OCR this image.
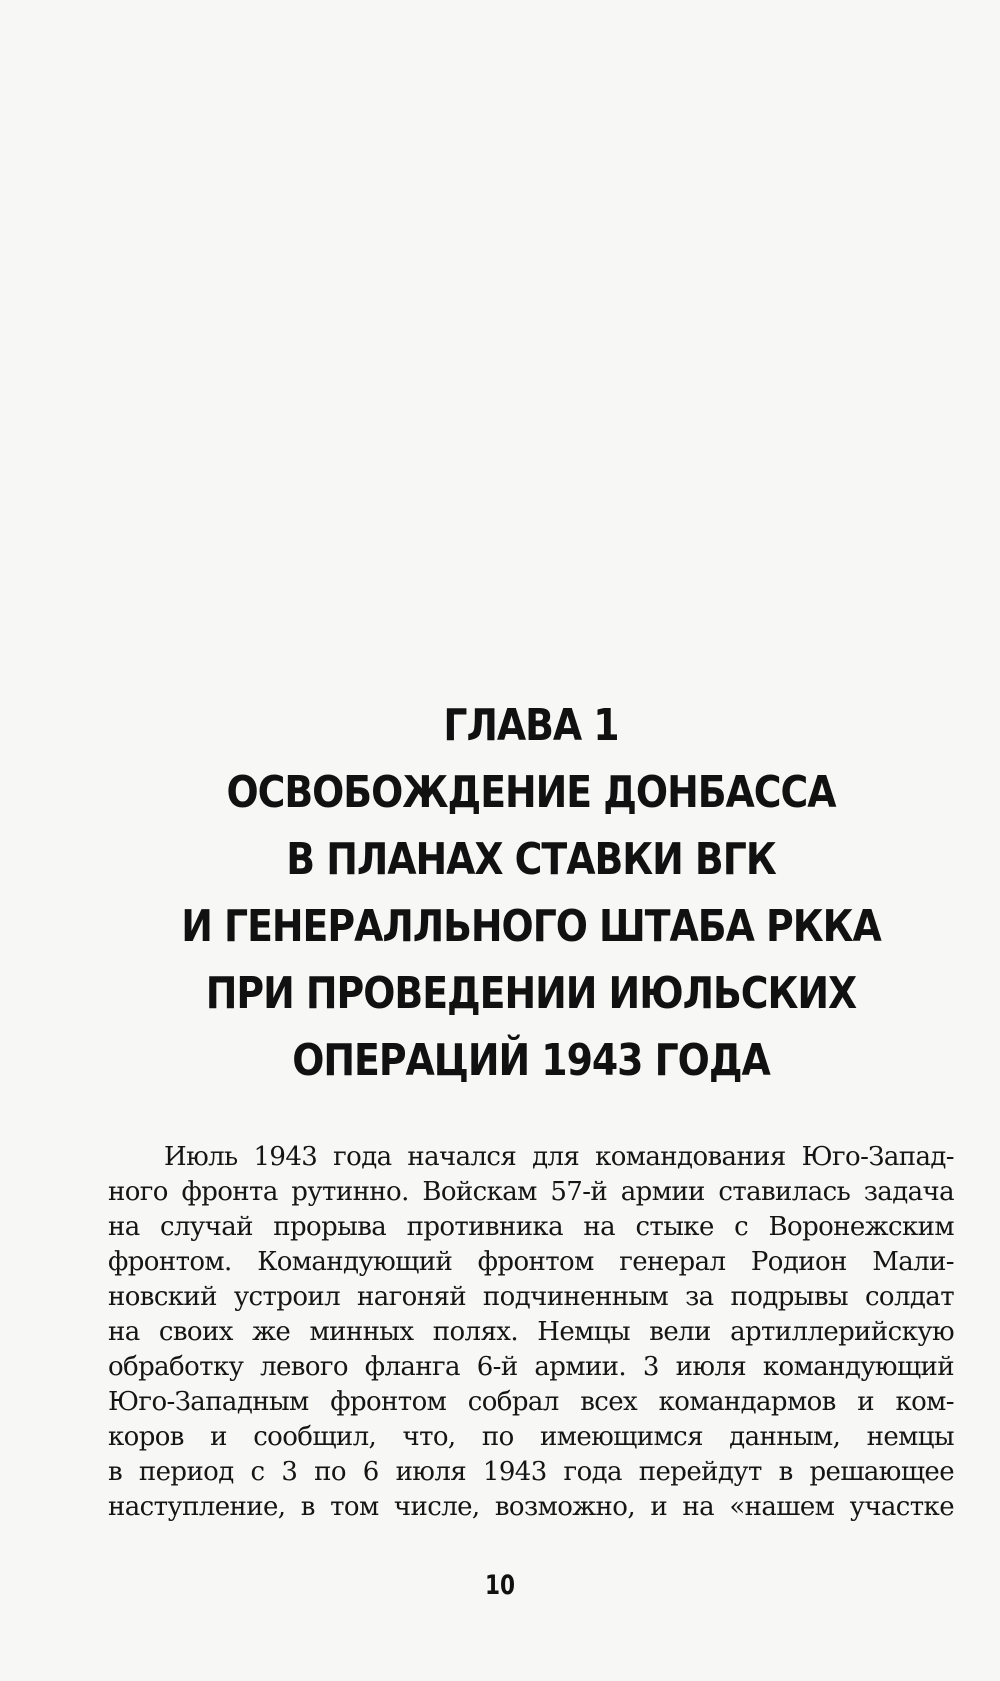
ГЛАВА 1
ОСВОБОЖДЕНИЕ ДОНБАССА
В ПЛАНАХ СТАВКИ ВГК
И ГЕНЕРАЛЛЬНОГО ШТАБА РККА
ПРИ ПРОВЕДЕНИИ ИЮЛЬСКИХ
ОПЕРАЦИЙ 1943 ГОДА
Июль 1943 года начался для командования Юго-Запад-
ного фронта рутинно. Войскам 57-й армии ставилась задача
на случай прорыва противника на стыке с Воронежским
фронтом. Командующий фронтом генерал Родион Мали-
новский устроил нагоняй подчиненным за подрывы солдат
на своих же минных полях. Немцы вели артиллерийскую
обработку левого фланга 6-й армии. 3 июля командующий
Юго-Западным фронтом собрал всех командармов и ком-
коров и сообщил, что, по имеющимся данным, немцы
в период с 3 по 6 июля 1943 года перейдут в решающее
наступление, в том числе, возможно, и на «нашем участке
10
